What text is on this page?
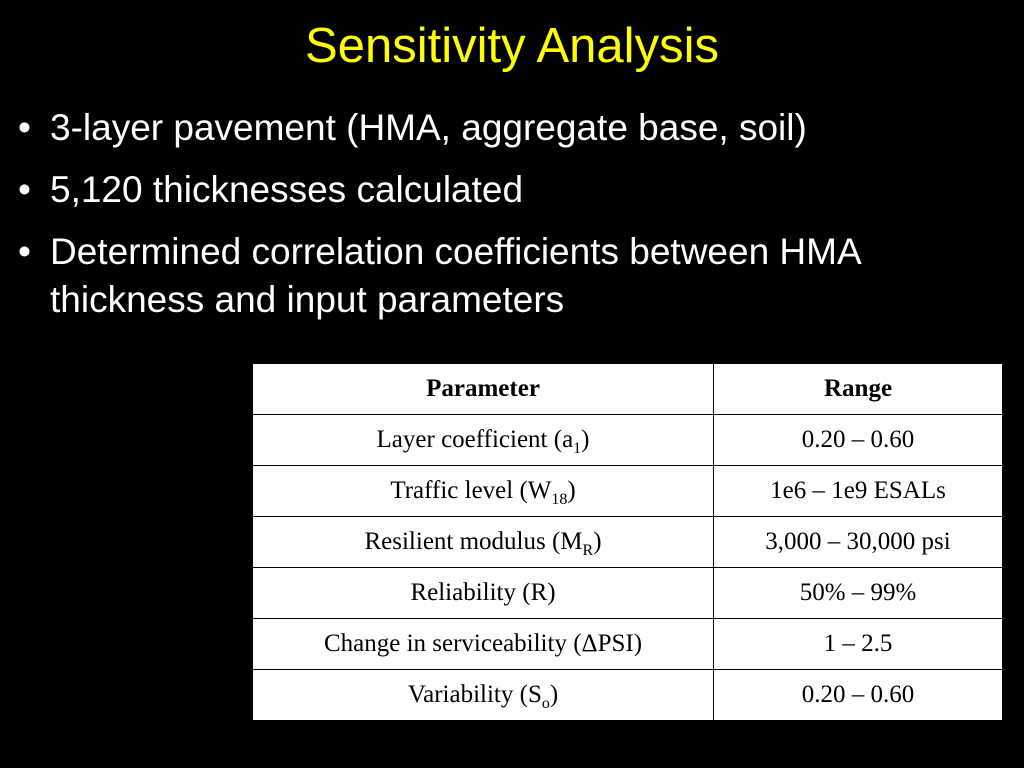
Sensitivity Analysis
• 3-layer pavement (HMA, aggregate base, soil)
• 5,120 thicknesses calculated
• Determined correlation coefficients between HMA thickness and input parameters
Parameter	Range
Layer coefficient $(a_1)$	0.20 – 0.60
Traffic level $(W_{18})$	1e6 – 1e9 ESALs
Resilient modulus $(M_R)$	3,000 – 30,000 psi
Reliability (R)	50% – 99%
Change in serviceability (ΔPSI)	1 – 2.5
Variability $(S_o)$	0.20 – 0.60
